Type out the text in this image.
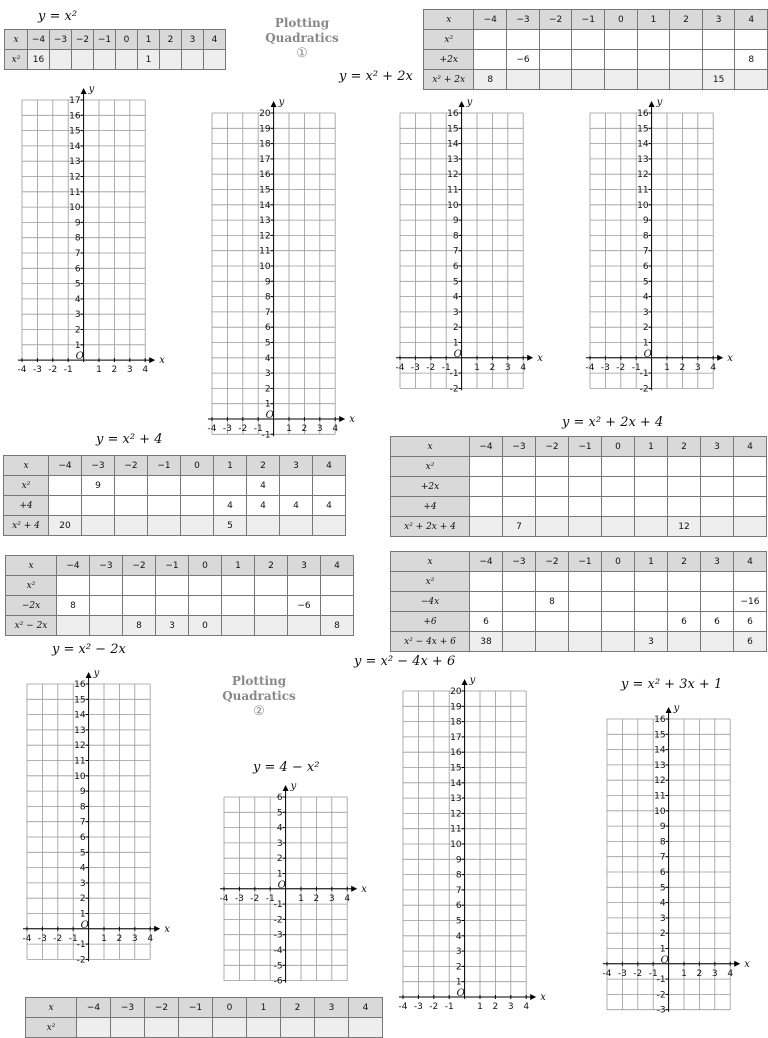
Plotting
Quadratics
①
Plotting
Quadratics
②
y = x²
y = x² + 2x
y = x² + 4
y = x² + 2x + 4
y = x² − 2x
y = x² − 4x + 6
y = 4 − x²
y = x² + 3x + 1
x	−4	−3	−2	−1	0	1	2	3	4
x²	16					1			
x	−4	−3	−2	−1	0	1	2	3	4
x²									
+2x		−6							8
x² + 2x	8							15	
x	−4	−3	−2	−1	0	1	2	3	4
x²		9					4		
+4						4	4	4	4
x² + 4	20					5			
x	−4	−3	−2	−1	0	1	2	3	4
x²									
+2x									
+4									
x² + 2x + 4		7					12		
x	−4	−3	−2	−1	0	1	2	3	4
x²									
−2x	8							−6	
x² − 2x			8	3	0				8
x	−4	−3	−2	−1	0	1	2	3	4
x²									
−4x			8						−16
+6	6						6	6	6
x² − 4x + 6	38					3			6
x	−4	−3	−2	−1	0	1	2	3	4
x²									
x
y
O
-4 -3 -2 -1	1 2 3 4
1
2
3
4
5
6
7
8
9
10
11
12
13
14
15
16
17
x
y
O
-4 -3 -2 -1	1 2 3 4
-1
1
2
3
4
5
6
7
8
9
10
11
12
13
14
15
16
17
18
19
20
x
y
O
-4 -3 -2 -1	1 2 3 4
-2
-1
1
2
3
4
5
6
7
8
9
10
11
12
13
14
15
16
x
y
O
-4 -3 -2 -1	1 2 3 4
-2
-1
1
2
3
4
5
6
7
8
9
10
11
12
13
14
15
16
x
y
O
-4 -3 -2 -1	1 2 3 4
-2
-1
1
2
3
4
5
6
7
8
9
10
11
12
13
14
15
16
x
y
O
-4 -3 -2 -1	1 2 3 4
-6
-5
-4
-3
-2
-1
1
2
3
4
5
6
x
y
O
-4 -3 -2 -1	1 2 3 4
1
2
3
4
5
6
7
8
9
10
11
12
13
14
15
16
17
18
19
20
x
y
O
-4 -3 -2 -1	1 2 3 4
-3
-2
-1
1
2
3
4
5
6
7
8
9
10
11
12
13
14
15
16
